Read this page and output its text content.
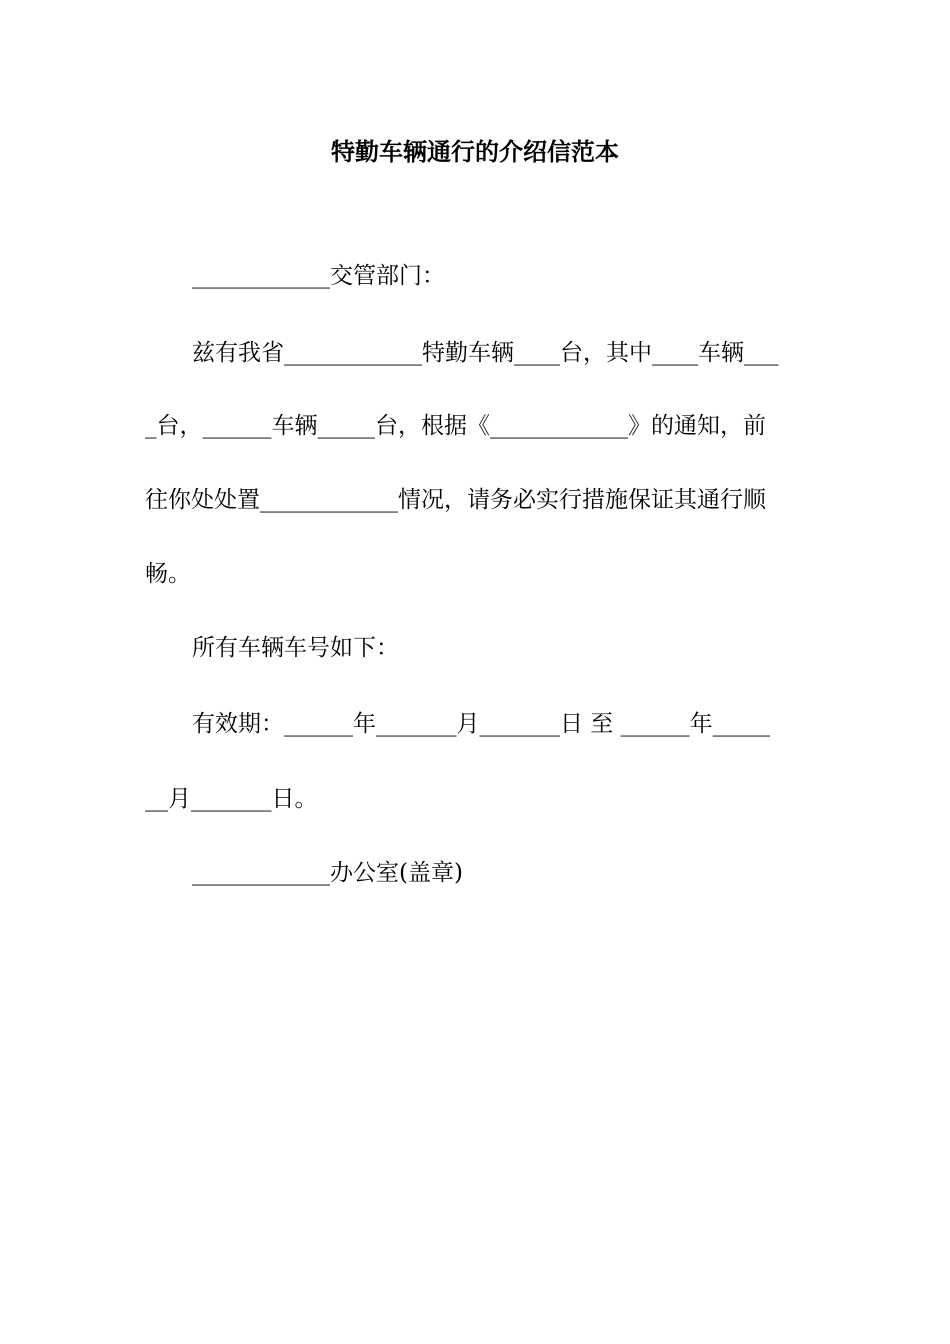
特勤车辆通行的介绍信范本
____________交管部门：
兹有我省____________特勤车辆____台，其中____车辆___
_台，______车辆_____台，根据《____________》的通知，前
往你处处置____________情况，请务必实行措施保证其通行顺
畅。
所有车辆车号如下：
有效期：______年_______月_______日 至 ______年_____
__月_______日。
____________办公室(盖章)
